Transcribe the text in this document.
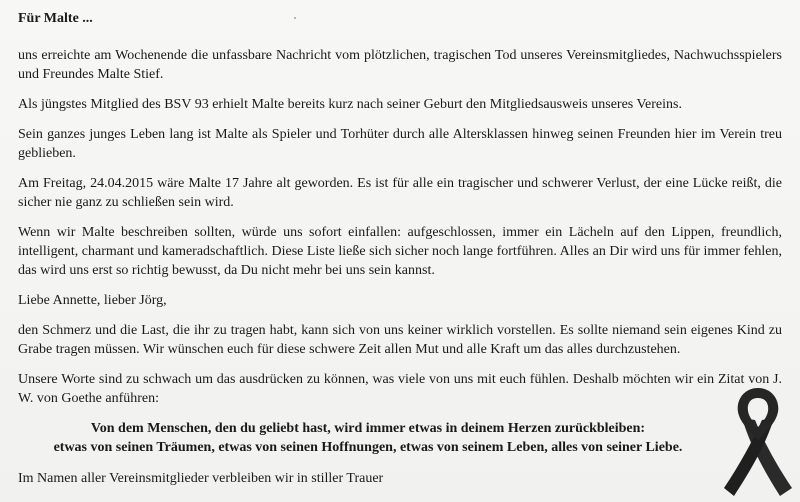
Für Malte ...

uns erreichte am Wochenende die unfassbare Nachricht vom plötzlichen, tragischen Tod unseres Vereinsmitgliedes, Nachwuchsspielers und Freundes Malte Stief.

Als jüngstes Mitglied des BSV 93 erhielt Malte bereits kurz nach seiner Geburt den Mitgliedsausweis unseres Vereins.

Sein ganzes junges Leben lang ist Malte als Spieler und Torhüter durch alle Altersklassen hinweg seinen Freunden hier im Verein treu geblieben.

Am Freitag, 24.04.2015 wäre Malte 17 Jahre alt geworden. Es ist für alle ein tragischer und schwerer Verlust, der eine Lücke reißt, die sicher nie ganz zu schließen sein wird.

Wenn wir Malte beschreiben sollten, würde uns sofort einfallen: aufgeschlossen, immer ein Lächeln auf den Lippen, freundlich, intelligent, charmant und kameradschaftlich. Diese Liste ließe sich sicher noch lange fortführen. Alles an Dir wird uns für immer fehlen, das wird uns erst so richtig bewusst, da Du nicht mehr bei uns sein kannst.

Liebe Annette, lieber Jörg,

den Schmerz und die Last, die ihr zu tragen habt, kann sich von uns keiner wirklich vorstellen. Es sollte niemand sein eigenes Kind zu Grabe tragen müssen. Wir wünschen euch für diese schwere Zeit allen Mut und alle Kraft um das alles durchzustehen.

Unsere Worte sind zu schwach um das ausdrücken zu können, was viele von uns mit euch fühlen. Deshalb möchten wir ein Zitat von J. W. von Goethe anführen:

Von dem Menschen, den du geliebt hast, wird immer etwas in deinem Herzen zurückbleiben:
etwas von seinen Träumen, etwas von seinen Hoffnungen, etwas von seinem Leben, alles von seiner Liebe.

Im Namen aller Vereinsmitglieder verbleiben wir in stiller Trauer
